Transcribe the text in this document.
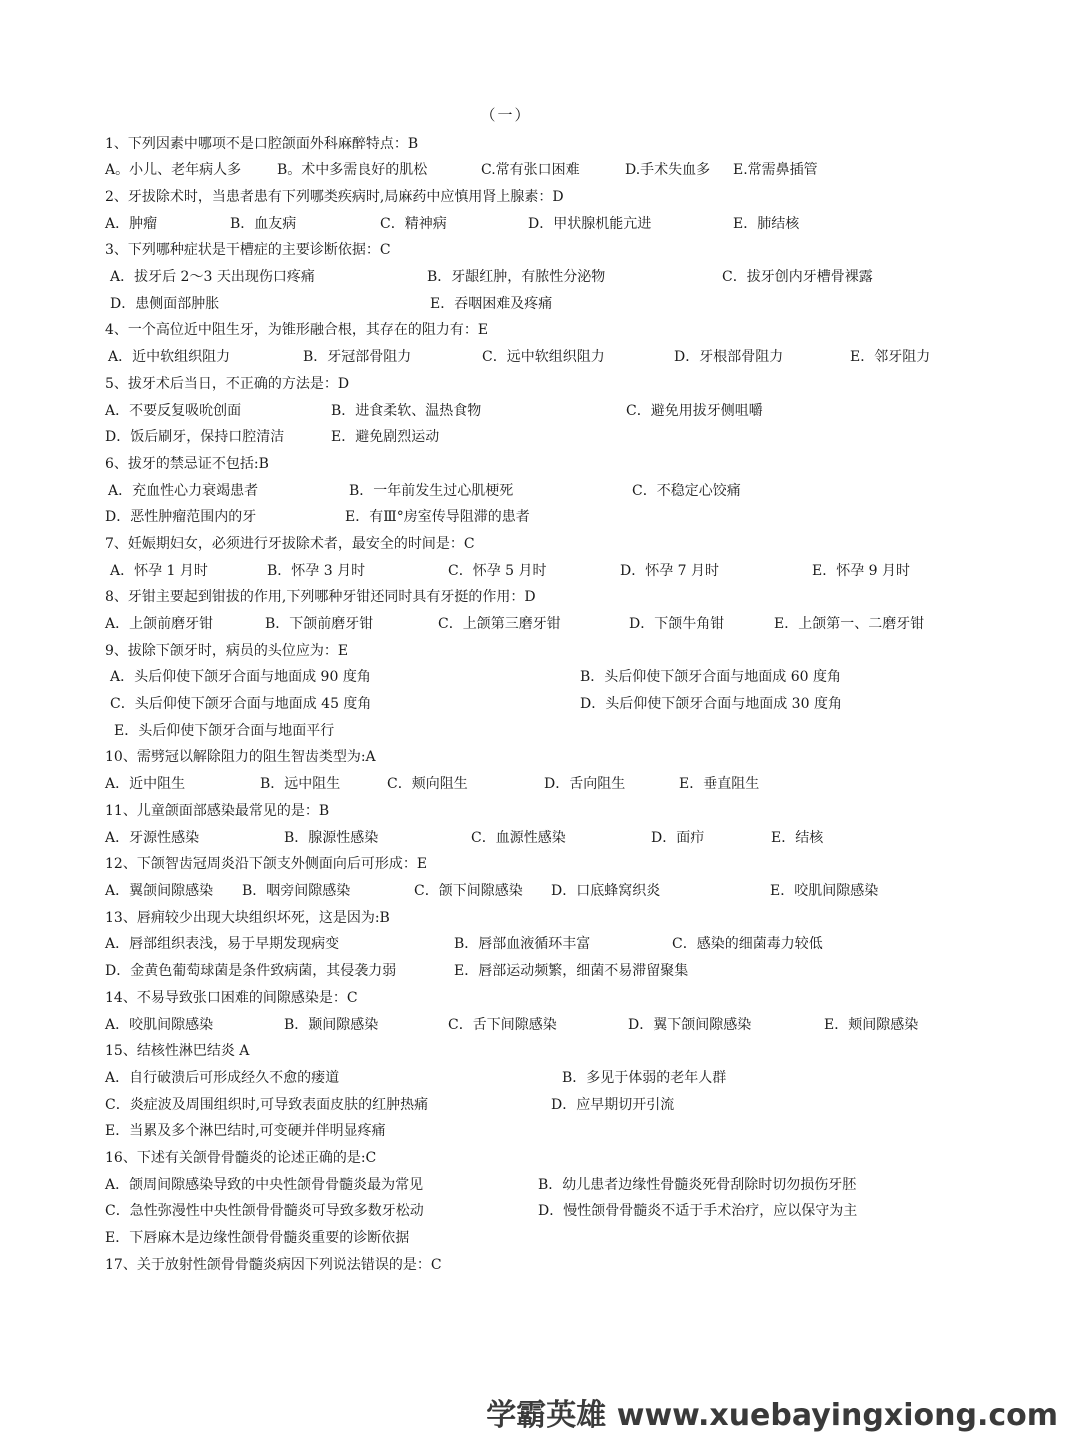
（一）
1、下列因素中哪项不是口腔颌面外科麻醉特点：B
A。小儿、老年病人多	B。术中多需良好的肌松	C.常有张口困难	D.手术失血多 E.常需鼻插管
2、牙拔除术时，当患者患有下列哪类疾病时,局麻药中应慎用肾上腺素：D
A．肿瘤	B．血友病	C．精神病	D．甲状腺机能亢进	E．肺结核
3、下列哪种症状是干槽症的主要诊断依据：C
A．拔牙后 2～3 天出现伤口疼痛	B．牙龈红肿，有脓性分泌物	C．拔牙创内牙槽骨裸露
D．患侧面部肿胀	E．吞咽困难及疼痛
4、一个高位近中阻生牙，为锥形融合根，其存在的阻力有：E
A．近中软组织阻力	B．牙冠部骨阻力	C．远中软组织阻力	D．牙根部骨阻力	E．邻牙阻力
5、拔牙术后当日，不正确的方法是：D
A．不要反复吸吮创面	B．进食柔软、温热食物	C．避免用拔牙侧咀嚼
D．饭后刷牙，保持口腔清洁	E．避免剧烈运动
6、拔牙的禁忌证不包括:B
A．充血性心力衰竭患者	B．一年前发生过心肌梗死	C．不稳定心饺痛
D．恶性肿瘤范围内的牙	E．有Ⅲ°房室传导阻滞的患者
7、妊娠期妇女，必须进行牙拔除术者，最安全的时间是：C
A．怀孕 1 月时	B．怀孕 3 月时	C．怀孕 5 月时	D．怀孕 7 月时	E．怀孕 9 月时
8、牙钳主要起到钳拔的作用,下列哪种牙钳还同时具有牙挺的作用：D
A．上颌前磨牙钳	B．下颌前磨牙钳	C．上颌第三磨牙钳	D．下颌牛角钳	E．上颌第一、二磨牙钳
9、拔除下颌牙时，病员的头位应为：E
A．头后仰使下颌牙合面与地面成 90 度角	B．头后仰使下颌牙合面与地面成 60 度角
C．头后仰使下颌牙合面与地面成 45 度角	D．头后仰使下颌牙合面与地面成 30 度角
E．头后仰使下颌牙合面与地面平行
10、需劈冠以解除阻力的阻生智齿类型为:A
A．近中阻生	B．远中阻生	C．颊向阻生	D．舌向阻生	E．垂直阻生
11、儿童颌面部感染最常见的是：B
A．牙源性感染	B．腺源性感染	C．血源性感染	D．面疖	E．结核
12、下颌智齿冠周炎沿下颌支外侧面向后可形成：E
A．翼颌间隙感染 B．咽旁间隙感染	C．颌下间隙感染 D．口底蜂窝织炎	E．咬肌间隙感染
13、唇痈较少出现大块组织坏死，这是因为:B
A．唇部组织表浅，易于早期发现病变	B．唇部血液循环丰富	C．感染的细菌毒力较低
D．金黄色葡萄球菌是条件致病菌，其侵袭力弱	E．唇部运动频繁，细菌不易滞留聚集
14、不易导致张口困难的间隙感染是：C
A．咬肌间隙感染	B．颞间隙感染	C．舌下间隙感染	D．翼下颌间隙感染	E．颊间隙感染
15、结核性淋巴结炎 A
A．自行破溃后可形成经久不愈的瘘道	B．多见于体弱的老年人群
C．炎症波及周围组织时,可导致表面皮肤的红肿热痛	D．应早期切开引流
E．当累及多个淋巴结时,可变硬并伴明显疼痛
16、下述有关颌骨骨髓炎的论述正确的是:C
A．颌周间隙感染导致的中央性颌骨骨髓炎最为常见	B．幼儿患者边缘性骨髓炎死骨刮除时切勿损伤牙胚
C．急性弥漫性中央性颌骨骨髓炎可导致多数牙松动	D．慢性颌骨骨髓炎不适于手术治疗，应以保守为主
E．下唇麻木是边缘性颌骨骨髓炎重要的诊断依据
17、关于放射性颌骨骨髓炎病因下列说法错误的是：C
学霸英雄 www.xuebayingxiong.com
